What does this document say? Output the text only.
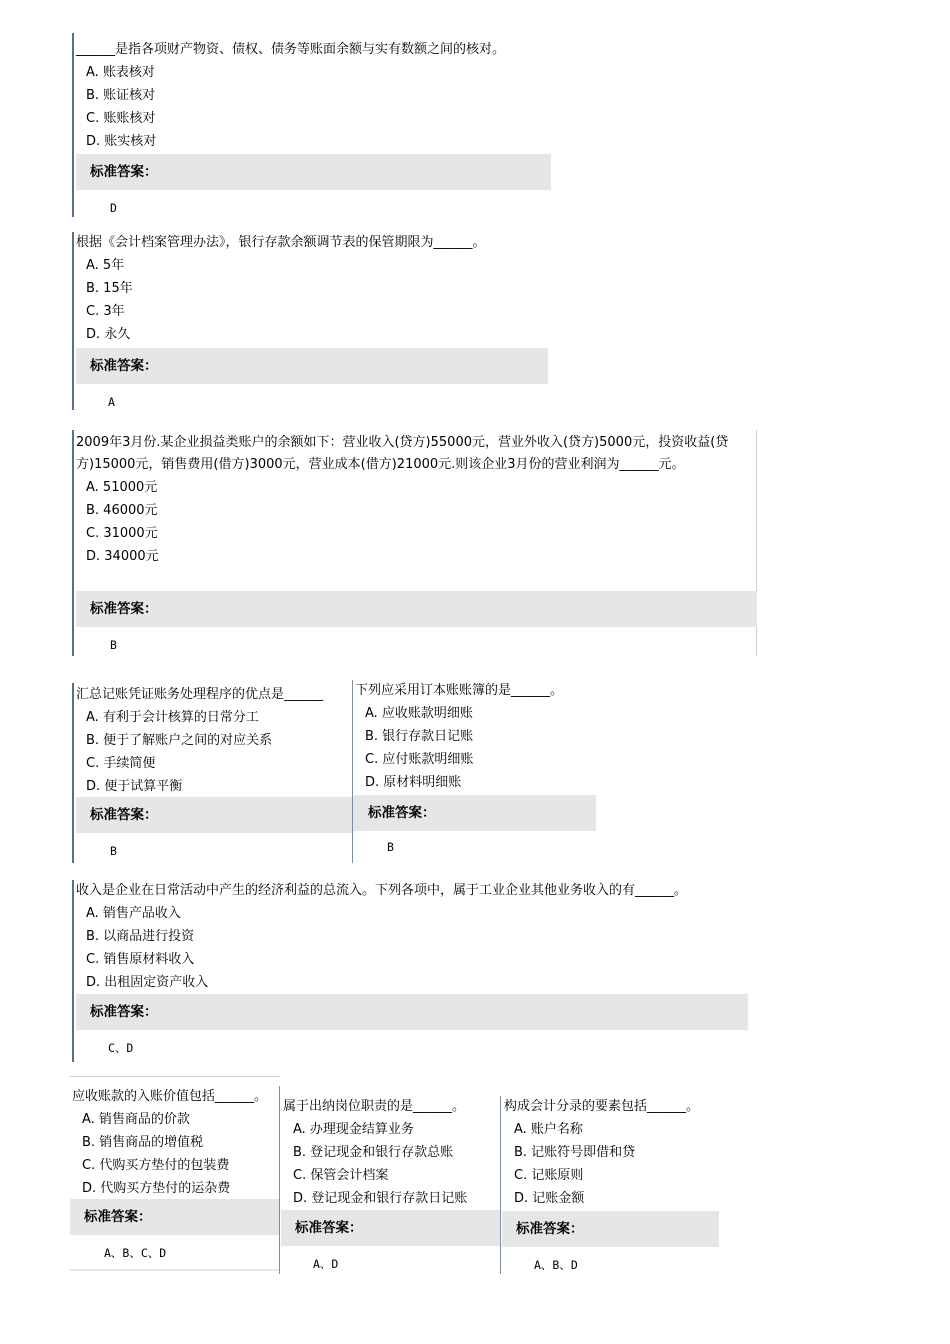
______是指各项财产物资、债权、债务等账面余额与实有数额之间的核对。
A. 账表核对
B. 账证核对
C. 账账核对
D. 账实核对
标准答案：
D
根据《会计档案管理办法》，银行存款余额调节表的保管期限为______。
A. 5年
B. 15年
C. 3年
D. 永久
标准答案：
A
2009年3月份.某企业损益类账户的余额如下：营业收入(贷方)55000元，营业外收入(贷方)5000元，投资收益(贷方)15000元，销售费用(借方)3000元，营业成本(借方)21000元.则该企业3月份的营业利润为______元。
A. 51000元
B. 46000元
C. 31000元
D. 34000元
标准答案：
B
汇总记账凭证账务处理程序的优点是______
A. 有利于会计核算的日常分工
B. 便于了解账户之间的对应关系
C. 手续简便
D. 便于试算平衡
标准答案：
B
下列应采用订本账账簿的是______。
A. 应收账款明细账
B. 银行存款日记账
C. 应付账款明细账
D. 原材料明细账
标准答案：
B
收入是企业在日常活动中产生的经济利益的总流入。下列各项中，属于工业企业其他业务收入的有______。
A. 销售产品收入
B. 以商品进行投资
C. 销售原材料收入
D. 出租固定资产收入
标准答案：
C、D
应收账款的入账价值包括______。
A. 销售商品的价款
B. 销售商品的增值税
C. 代购买方垫付的包装费
D. 代购买方垫付的运杂费
标准答案：
A、B、C、D
属于出纳岗位职责的是______。
A. 办理现金结算业务
B. 登记现金和银行存款总账
C. 保管会计档案
D. 登记现金和银行存款日记账
标准答案：
A、D
构成会计分录的要素包括______。
A. 账户名称
B. 记账符号即借和贷
C. 记账原则
D. 记账金额
标准答案：
A、B、D
